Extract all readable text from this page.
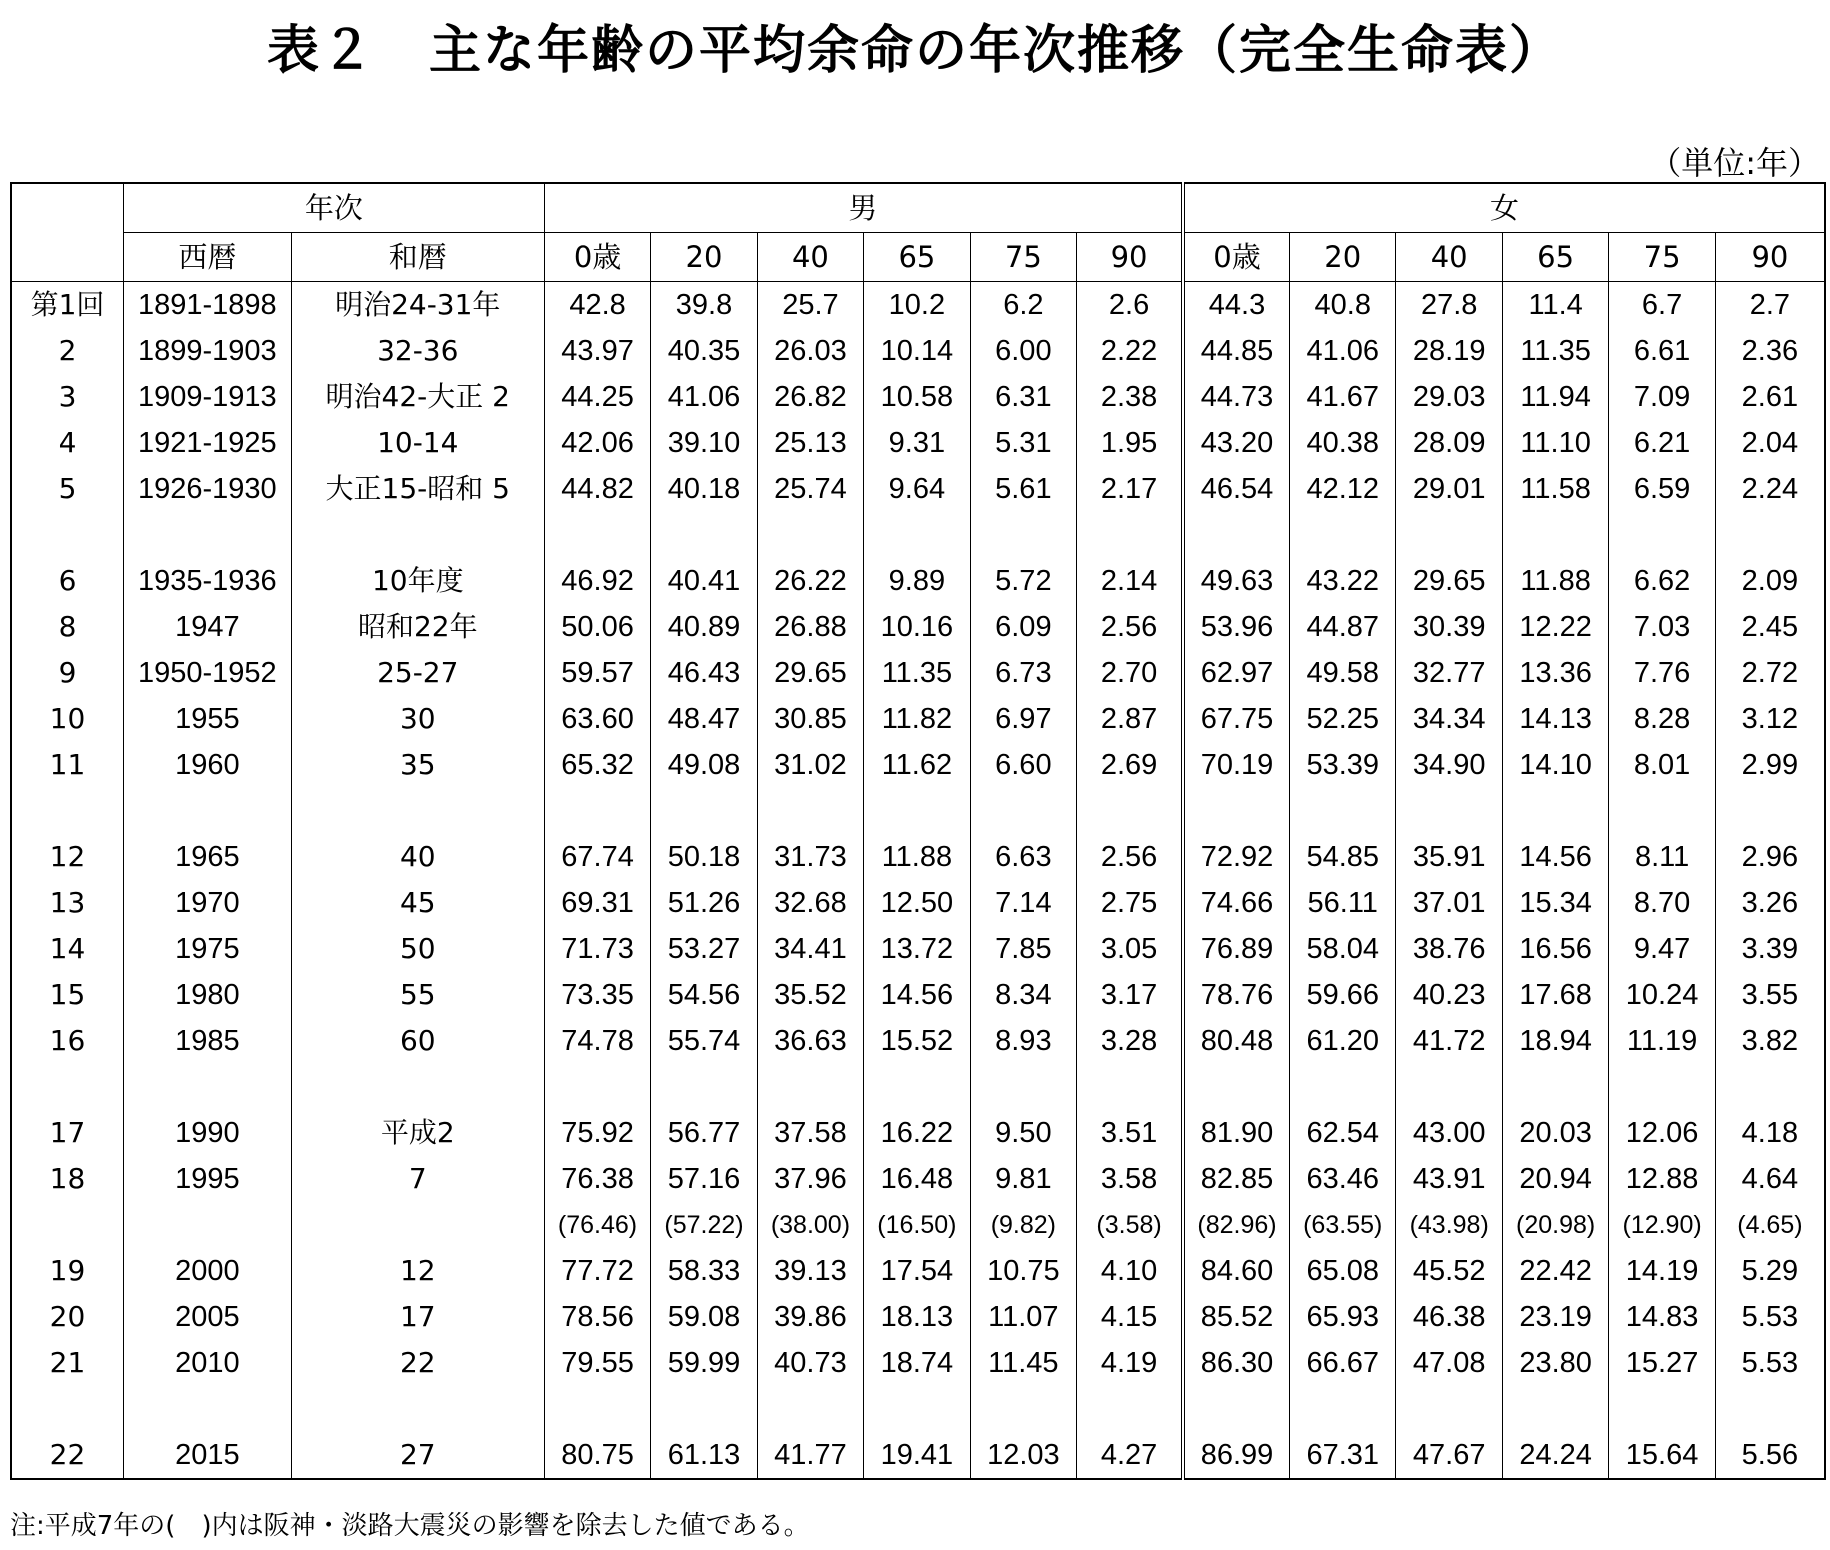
表２　主な年齢の平均余命の年次推移（完全生命表）
（単位:年）
	年次		男						女					
	西暦	和暦	0歳	20	40	65	75	90	0歳	20	40	65	75	90
第1回	1891-1898	明治24-31年	42.8	39.8	25.7	10.2	6.2	2.6	44.3	40.8	27.8	11.4	6.7	2.7
2	1899-1903	32-36	43.97	40.35	26.03	10.14	6.00	2.22	44.85	41.06	28.19	11.35	6.61	2.36
3	1909-1913	明治42-大正 2	44.25	41.06	26.82	10.58	6.31	2.38	44.73	41.67	29.03	11.94	7.09	2.61
4	1921-1925	10-14	42.06	39.10	25.13	9.31	5.31	1.95	43.20	40.38	28.09	11.10	6.21	2.04
5	1926-1930	大正15-昭和 5	44.82	40.18	25.74	9.64	5.61	2.17	46.54	42.12	29.01	11.58	6.59	2.24

6	1935-1936	10年度	46.92	40.41	26.22	9.89	5.72	2.14	49.63	43.22	29.65	11.88	6.62	2.09
8	1947	昭和22年	50.06	40.89	26.88	10.16	6.09	2.56	53.96	44.87	30.39	12.22	7.03	2.45
9	1950-1952	25-27	59.57	46.43	29.65	11.35	6.73	2.70	62.97	49.58	32.77	13.36	7.76	2.72
10	1955	30	63.60	48.47	30.85	11.82	6.97	2.87	67.75	52.25	34.34	14.13	8.28	3.12
11	1960	35	65.32	49.08	31.02	11.62	6.60	2.69	70.19	53.39	34.90	14.10	8.01	2.99

12	1965	40	67.74	50.18	31.73	11.88	6.63	2.56	72.92	54.85	35.91	14.56	8.11	2.96
13	1970	45	69.31	51.26	32.68	12.50	7.14	2.75	74.66	56.11	37.01	15.34	8.70	3.26
14	1975	50	71.73	53.27	34.41	13.72	7.85	3.05	76.89	58.04	38.76	16.56	9.47	3.39
15	1980	55	73.35	54.56	35.52	14.56	8.34	3.17	78.76	59.66	40.23	17.68	10.24	3.55
16	1985	60	74.78	55.74	36.63	15.52	8.93	3.28	80.48	61.20	41.72	18.94	11.19	3.82

17	1990	平成2	75.92	56.77	37.58	16.22	9.50	3.51	81.90	62.54	43.00	20.03	12.06	4.18
18	1995	7	76.38	57.16	37.96	16.48	9.81	3.58	82.85	63.46	43.91	20.94	12.88	4.64
			(76.46)	(57.22)	(38.00)	(16.50)	(9.82)	(3.58)	(82.96)	(63.55)	(43.98)	(20.98)	(12.90)	(4.65)
19	2000	12	77.72	58.33	39.13	17.54	10.75	4.10	84.60	65.08	45.52	22.42	14.19	5.29
20	2005	17	78.56	59.08	39.86	18.13	11.07	4.15	85.52	65.93	46.38	23.19	14.83	5.53
21	2010	22	79.55	59.99	40.73	18.74	11.45	4.19	86.30	66.67	47.08	23.80	15.27	5.53

22	2015	27	80.75	61.13	41.77	19.41	12.03	4.27	86.99	67.31	47.67	24.24	15.64	5.56
注:平成7年の(　)内は阪神・淡路大震災の影響を除去した値である。
